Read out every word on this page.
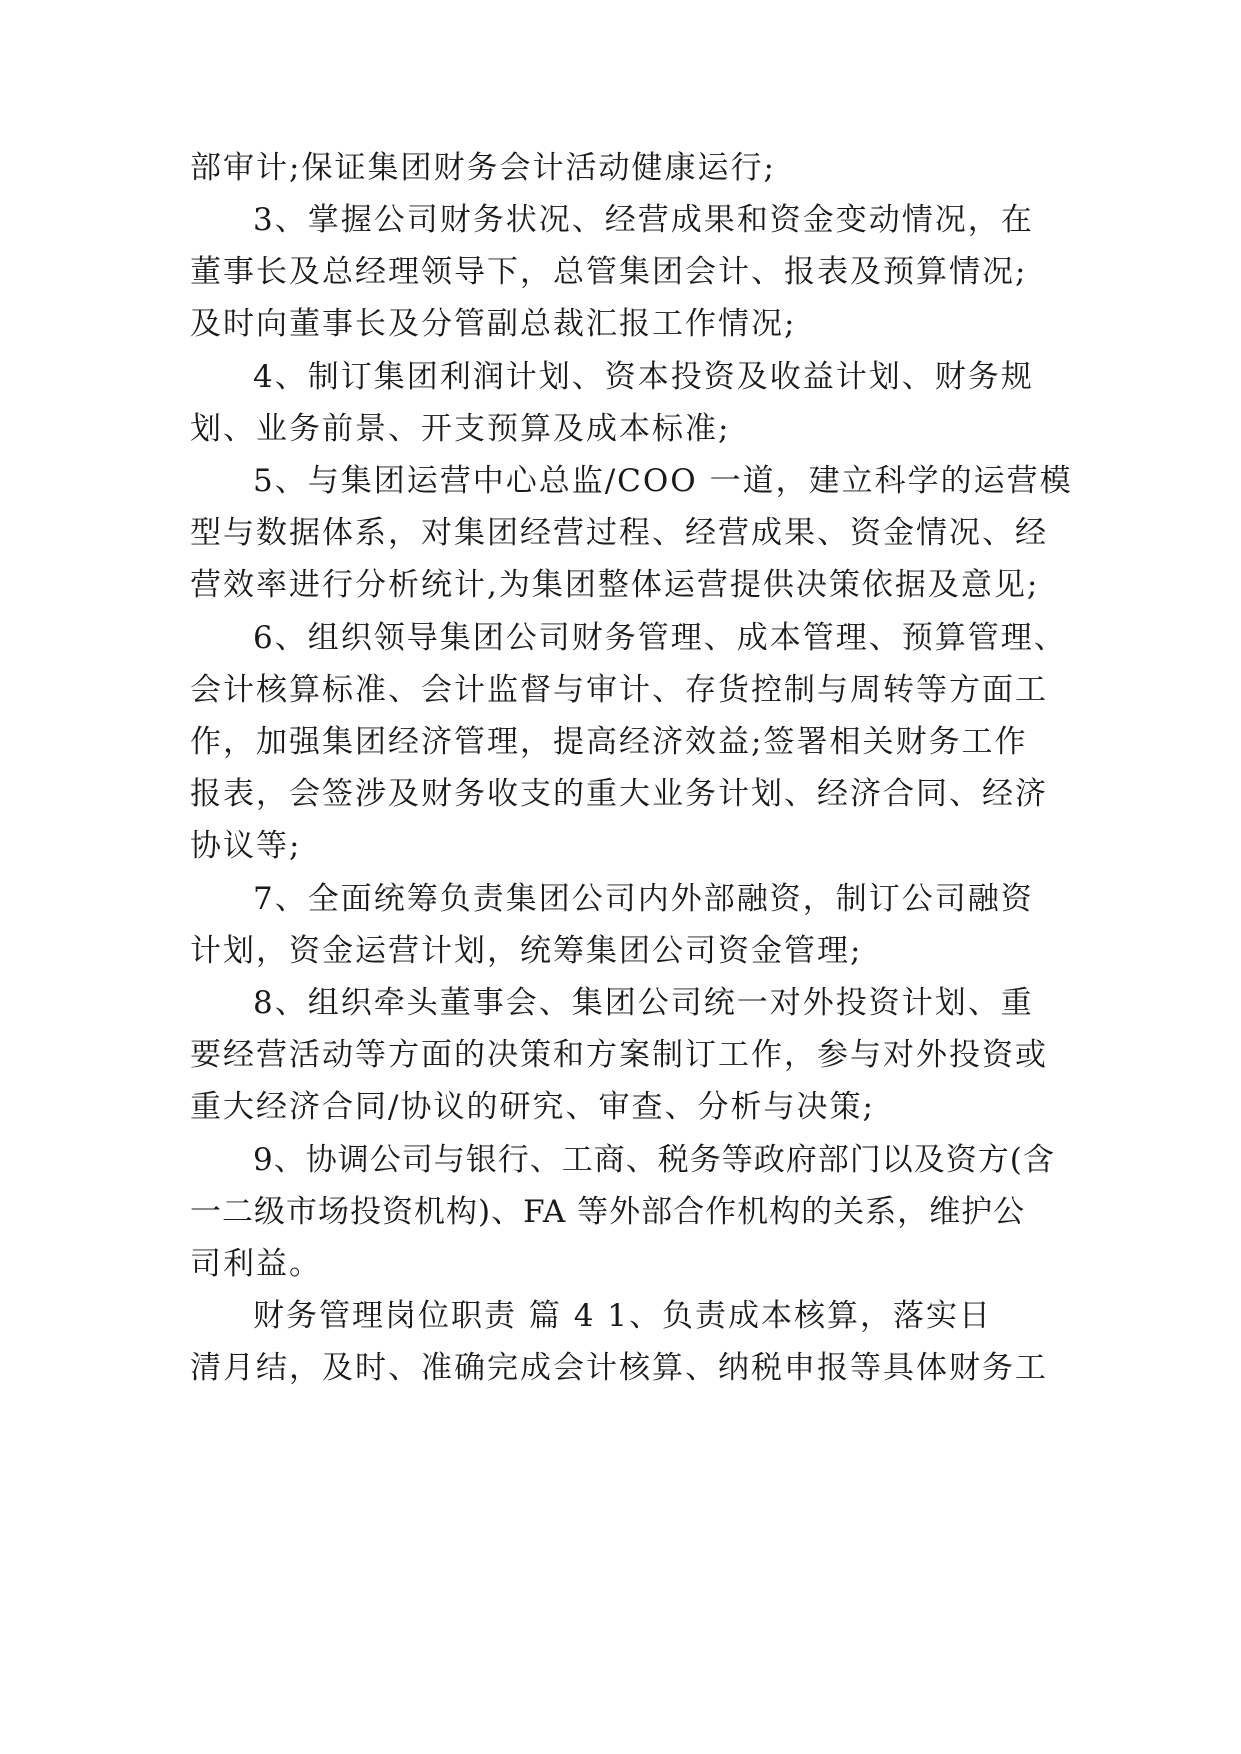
部审计;保证集团财务会计活动健康运行;
3、掌握公司财务状况、经营成果和资金变动情况，在
董事长及总经理领导下，总管集团会计、报表及预算情况;
及时向董事长及分管副总裁汇报工作情况;
4、制订集团利润计划、资本投资及收益计划、财务规
划、业务前景、开支预算及成本标准;
5、与集团运营中心总监/COO 一道，建立科学的运营模
型与数据体系，对集团经营过程、经营成果、资金情况、经
营效率进行分析统计,为集团整体运营提供决策依据及意见;
6、组织领导集团公司财务管理、成本管理、预算管理、
会计核算标准、会计监督与审计、存货控制与周转等方面工
作，加强集团经济管理，提高经济效益;签署相关财务工作
报表，会签涉及财务收支的重大业务计划、经济合同、经济
协议等;
7、全面统筹负责集团公司内外部融资，制订公司融资
计划，资金运营计划，统筹集团公司资金管理;
8、组织牵头董事会、集团公司统一对外投资计划、重
要经营活动等方面的决策和方案制订工作，参与对外投资或
重大经济合同/协议的研究、审查、分析与决策;
9、协调公司与银行、工商、税务等政府部门以及资方(含
一二级市场投资机构)、FA 等外部合作机构的关系，维护公
司利益。
财务管理岗位职责 篇 4 1、负责成本核算，落实日
清月结，及时、准确完成会计核算、纳税申报等具体财务工
